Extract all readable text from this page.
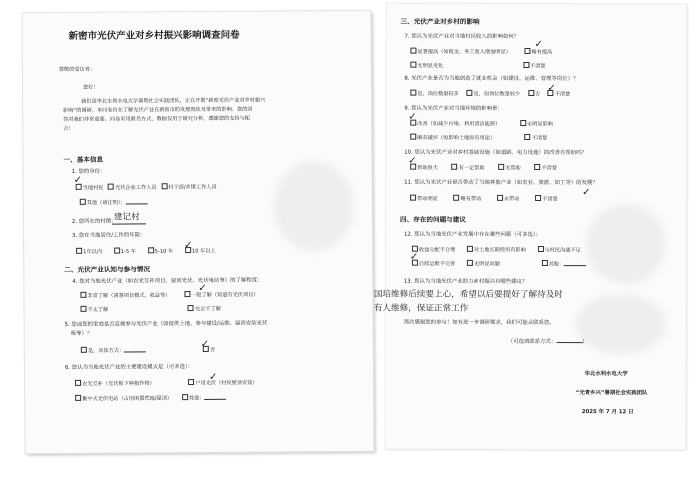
新密市光伏产业对乡村振兴影响调查问卷
尊敬的受访者：
您好！
我们是华北水利水电大学暑期社会实践团队，正在开展“新密光伏产业对乡村振兴
影响”的调研。本问卷旨在了解光伏产业在新密市的发展现状及带来的影响。您的回
答对我们非常重要。问卷采用匿名方式，数据仅用于研究分析，感谢您的支持与配
合！
一、基本信息
1. 您的身份：
当地村民 光伏企业工作人员 村干部/乡镇工作人员
✓
其他（请注明）：
2. 您所在的村镇：
建记村
3. 您在当地居住/工作的年限：
1年以内	1-5 年	5-10 年	10 年以上
✓
二、光伏产业认知与参与情况
4. 您对当地光伏产业（如农光互补项目、屋顶光伏、光伏电站等）的了解程度：
非常了解（清楚项目模式、收益等）	一般了解（知道有光伏项目）
✓
不太了解	完全不了解
5. 您或您的家庭是否直接参与光伏产业（如提供土地、参与建设/运维、屋顶安装光伏
板等）？
是，具体方式：	否
✓
6. 您认为当地光伏产业的主要建设模式是（可多选）：
农光互补（光伏板下种植作物）	户用光伏（村民屋顶安装）
✓
集中式光伏电站（占用闲置荒地/屋顶）	其他：
三、光伏产业对乡村的影响
7. 您认为光伏产业对当地村民收入的影响如何？
显著提高（如租金、务工收入增加明显）	略有提高
✓
无明显变化	不清楚
8. 光伏产业是否为当地创造了就业机会（如建设、运维、管理等岗位）？
是，岗位数量较多	是，但岗位数量较少	否	不清楚
✓
9. 您认为光伏产业对当地环境的影响是：
改善（如减少污染、利用清洁能源）	无明显影响
✓
略有破坏（如影响土地原有用途）	不清楚
10. 您认为光伏产业对乡村基础设施（如道路、电力设施）的改善有帮助吗？
帮助很大	有一定帮助	无帮助	不清楚
✓
11. 您认为光伏产业是否带动了当地其他产业（如农业、旅游、加工等）的发展？
带动明显	略有带动	未带动	不清楚
✓
四、存在的问题与建议
12. 您认为当地光伏产业发展中存在哪些问题（可多选）：
收益分配不合理	对土地长期使用有影响	与村民沟通不足
后续运维不完善	无明显问题	其他：
✓
13. 您认为当地光伏产业助力乡村振兴有哪些建议？
国培维修后续要上心，希望以后要提好了解待及时
有人维修，保证正常工作
再次感谢您的参与！如有进一步调研需求，我们可能会联系您。
（可选填联系方式：	）
华北水利水电大学
“光青乡兴”暑期社会实践团队
2025 年 7 月 12 日
